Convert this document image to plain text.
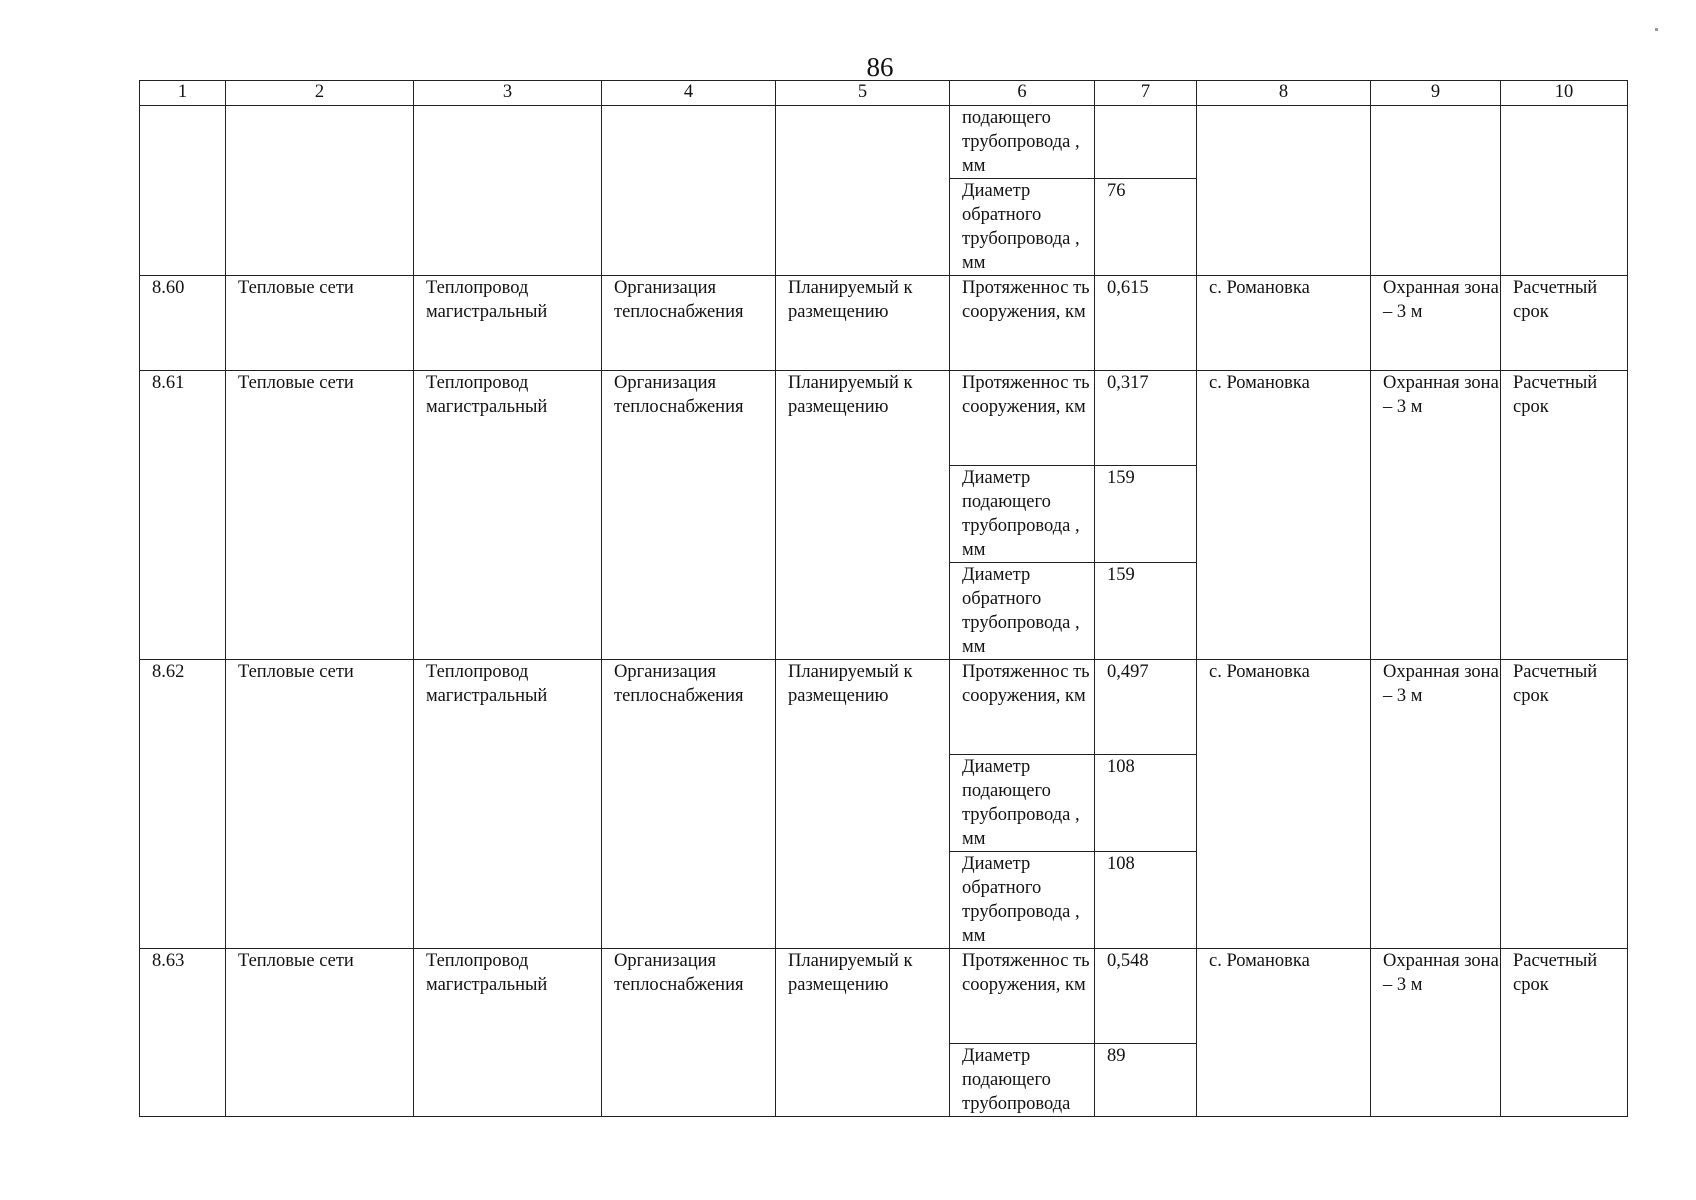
86
1	2	3	4	5	6	7	8	9	10
					подающего трубопровода , мм				
					Диаметр обратного трубопровода , мм	76			
8.60	Тепловые сети	Теплопровод магистральный	Организация теплоснабжения	Планируемый к размещению	Протяженнос ть сооружения, км	0,615	с. Романовка	Охранная зона – 3 м	Расчетный срок
8.61	Тепловые сети	Теплопровод магистральный	Организация теплоснабжения	Планируемый к размещению	Протяженнос ть сооружения, км	0,317	с. Романовка	Охранная зона – 3 м	Расчетный срок
					Диаметр подающего трубопровода , мм	159			
					Диаметр обратного трубопровода , мм	159			
8.62	Тепловые сети	Теплопровод магистральный	Организация теплоснабжения	Планируемый к размещению	Протяженнос ть сооружения, км	0,497	с. Романовка	Охранная зона – 3 м	Расчетный срок
					Диаметр подающего трубопровода , мм	108			
					Диаметр обратного трубопровода , мм	108			
8.63	Тепловые сети	Теплопровод магистральный	Организация теплоснабжения	Планируемый к размещению	Протяженнос ть сооружения, км	0,548	с. Романовка	Охранная зона – 3 м	Расчетный срок
					Диаметр подающего трубопровода	89			
